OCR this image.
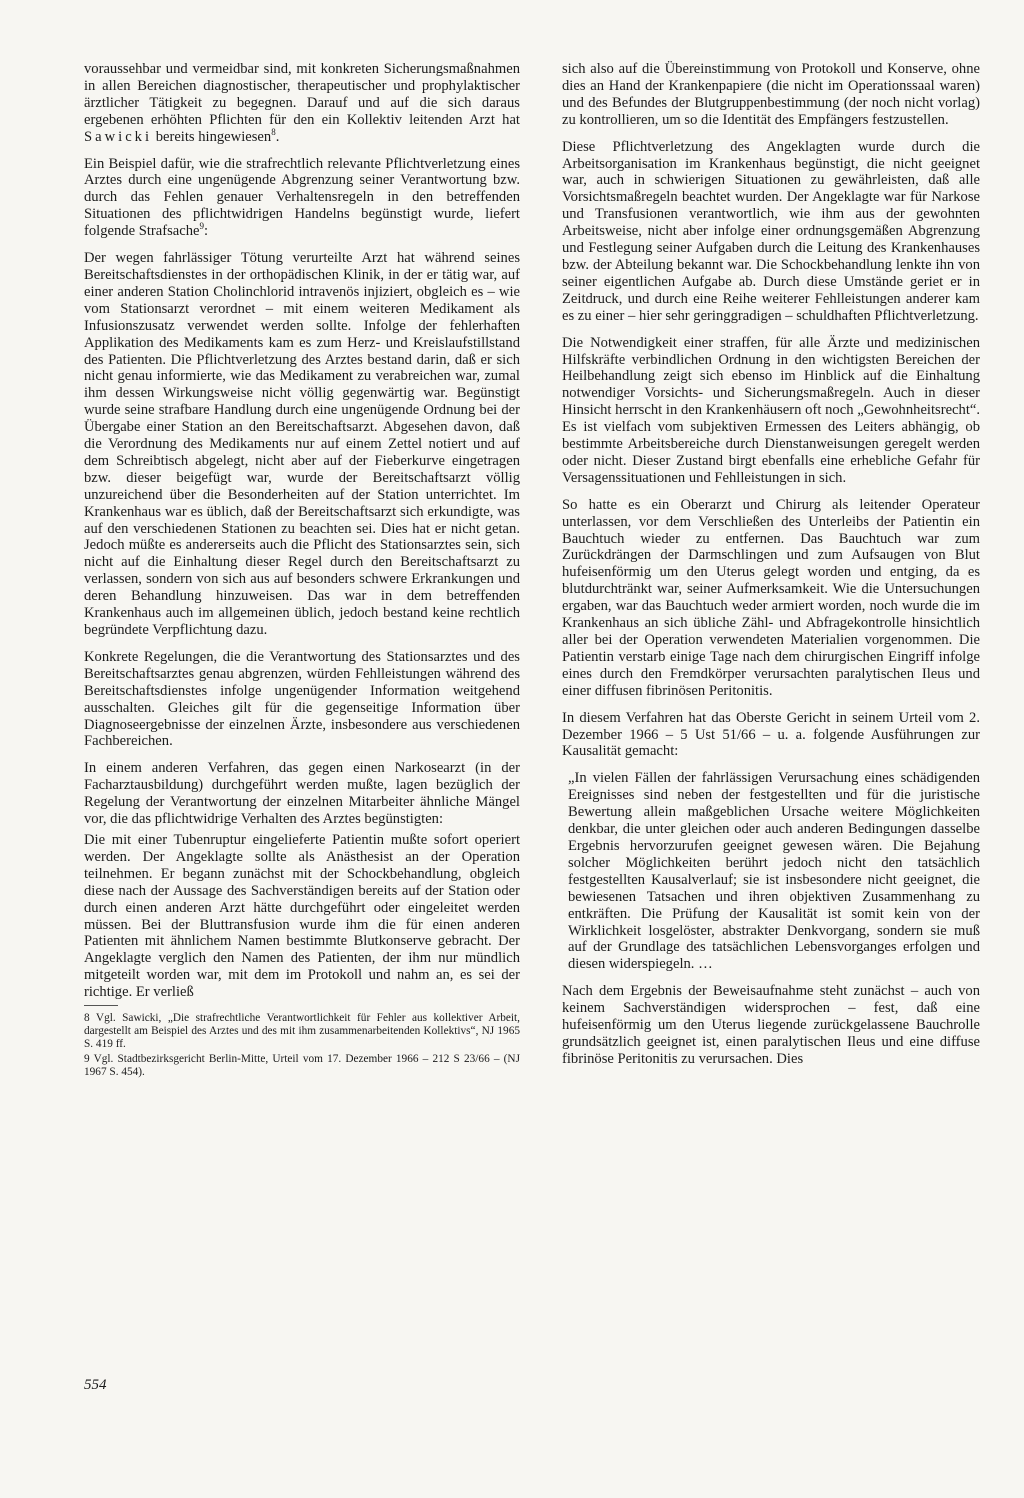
voraussehbar und vermeidbar sind, mit konkreten Sicherungsmaßnahmen in allen Bereichen diagnostischer, therapeutischer und prophylaktischer ärztlicher Tätigkeit zu begegnen. Darauf und auf die sich daraus ergebenen erhöhten Pflichten für den ein Kollektiv leitenden Arzt hat Sawicki bereits hingewiesen$^8$.

Ein Beispiel dafür, wie die strafrechtlich relevante Pflichtverletzung eines Arztes durch eine ungenügende Abgrenzung seiner Verantwortung bzw. durch das Fehlen genauer Verhaltensregeln in den betreffenden Situationen des pflichtwidrigen Handelns begünstigt wurde, liefert folgende Strafsache$^9$:

Der wegen fahrlässiger Tötung verurteilte Arzt hat während seines Bereitschaftsdienstes in der orthopädischen Klinik, in der er tätig war, auf einer anderen Station Cholinchlorid intravenös injiziert, obgleich es – wie vom Stationsarzt verordnet – mit einem weiteren Medikament als Infusionszusatz verwendet werden sollte. Infolge der fehlerhaften Applikation des Medikaments kam es zum Herz- und Kreislaufstillstand des Patienten. Die Pflichtverletzung des Arztes bestand darin, daß er sich nicht genau informierte, wie das Medikament zu verabreichen war, zumal ihm dessen Wirkungsweise nicht völlig gegenwärtig war. Begünstigt wurde seine strafbare Handlung durch eine ungenügende Ordnung bei der Übergabe einer Station an den Bereitschaftsarzt. Abgesehen davon, daß die Verordnung des Medikaments nur auf einem Zettel notiert und auf dem Schreibtisch abgelegt, nicht aber auf der Fieberkurve eingetragen bzw. dieser beigefügt war, wurde der Bereitschaftsarzt völlig unzureichend über die Besonderheiten auf der Station unterrichtet. Im Krankenhaus war es üblich, daß der Bereitschaftsarzt sich erkundigte, was auf den verschiedenen Stationen zu beachten sei. Dies hat er nicht getan. Jedoch müßte es andererseits auch die Pflicht des Stationsarztes sein, sich nicht auf die Einhaltung dieser Regel durch den Bereitschaftsarzt zu verlassen, sondern von sich aus auf besonders schwere Erkrankungen und deren Behandlung hinzuweisen. Das war in dem betreffenden Krankenhaus auch im allgemeinen üblich, jedoch bestand keine rechtlich begründete Verpflichtung dazu.

Konkrete Regelungen, die die Verantwortung des Stationsarztes und des Bereitschaftsarztes genau abgrenzen, würden Fehlleistungen während des Bereitschaftsdienstes infolge ungenügender Information weitgehend ausschalten. Gleiches gilt für die gegenseitige Information über Diagnoseergebnisse der einzelnen Ärzte, insbesondere aus verschiedenen Fachbereichen.

In einem anderen Verfahren, das gegen einen Narkosearzt (in der Facharztausbildung) durchgeführt werden mußte, lagen bezüglich der Regelung der Verantwortung der einzelnen Mitarbeiter ähnliche Mängel vor, die das pflichtwidrige Verhalten des Arztes begünstigten:

Die mit einer Tubenruptur eingelieferte Patientin mußte sofort operiert werden. Der Angeklagte sollte als Anästhesist an der Operation teilnehmen. Er begann zunächst mit der Schockbehandlung, obgleich diese nach der Aussage des Sachverständigen bereits auf der Station oder durch einen anderen Arzt hätte durchgeführt oder eingeleitet werden müssen. Bei der Bluttransfusion wurde ihm die für einen anderen Patienten mit ähnlichem Namen bestimmte Blutkonserve gebracht. Der Angeklagte verglich den Namen des Patienten, der ihm nur mündlich mitgeteilt worden war, mit dem im Protokoll und nahm an, es sei der richtige. Er verließ

8 Vgl. Sawicki, „Die strafrechtliche Verantwortlichkeit für Fehler aus kollektiver Arbeit, dargestellt am Beispiel des Arztes und des mit ihm zusammenarbeitenden Kollektivs“, NJ 1965 S. 419 ff.

9 Vgl. Stadtbezirksgericht Berlin-Mitte, Urteil vom 17. Dezember 1966 – 212 S 23/66 – (NJ 1967 S. 454).

sich also auf die Übereinstimmung von Protokoll und Konserve, ohne dies an Hand der Krankenpapiere (die nicht im Operationssaal waren) und des Befundes der Blutgruppenbestimmung (der noch nicht vorlag) zu kontrollieren, um so die Identität des Empfängers festzustellen.

Diese Pflichtverletzung des Angeklagten wurde durch die Arbeitsorganisation im Krankenhaus begünstigt, die nicht geeignet war, auch in schwierigen Situationen zu gewährleisten, daß alle Vorsichtsmaßregeln beachtet wurden. Der Angeklagte war für Narkose und Transfusionen verantwortlich, wie ihm aus der gewohnten Arbeitsweise, nicht aber infolge einer ordnungsgemäßen Abgrenzung und Festlegung seiner Aufgaben durch die Leitung des Krankenhauses bzw. der Abteilung bekannt war. Die Schockbehandlung lenkte ihn von seiner eigentlichen Aufgabe ab. Durch diese Umstände geriet er in Zeitdruck, und durch eine Reihe weiterer Fehlleistungen anderer kam es zu einer – hier sehr geringgradigen – schuldhaften Pflichtverletzung.

Die Notwendigkeit einer straffen, für alle Ärzte und medizinischen Hilfskräfte verbindlichen Ordnung in den wichtigsten Bereichen der Heilbehandlung zeigt sich ebenso im Hinblick auf die Einhaltung notwendiger Vorsichts- und Sicherungsmaßregeln. Auch in dieser Hinsicht herrscht in den Krankenhäusern oft noch „Gewohnheitsrecht“. Es ist vielfach vom subjektiven Ermessen des Leiters abhängig, ob bestimmte Arbeitsbereiche durch Dienstanweisungen geregelt werden oder nicht. Dieser Zustand birgt ebenfalls eine erhebliche Gefahr für Versagenssituationen und Fehlleistungen in sich.

So hatte es ein Oberarzt und Chirurg als leitender Operateur unterlassen, vor dem Verschließen des Unterleibs der Patientin ein Bauchtuch wieder zu entfernen. Das Bauchtuch war zum Zurückdrängen der Darmschlingen und zum Aufsaugen von Blut hufeisenförmig um den Uterus gelegt worden und entging, da es blutdurchtränkt war, seiner Aufmerksamkeit. Wie die Untersuchungen ergaben, war das Bauchtuch weder armiert worden, noch wurde die im Krankenhaus an sich übliche Zähl- und Abfragekontrolle hinsichtlich aller bei der Operation verwendeten Materialien vorgenommen. Die Patientin verstarb einige Tage nach dem chirurgischen Eingriff infolge eines durch den Fremdkörper verursachten paralytischen Ileus und einer diffusen fibrinösen Peritonitis.

In diesem Verfahren hat das Oberste Gericht in seinem Urteil vom 2. Dezember 1966 – 5 Ust 51/66 – u. a. folgende Ausführungen zur Kausalität gemacht:

„In vielen Fällen der fahrlässigen Verursachung eines schädigenden Ereignisses sind neben der festgestellten und für die juristische Bewertung allein maßgeblichen Ursache weitere Möglichkeiten denkbar, die unter gleichen oder auch anderen Bedingungen dasselbe Ergebnis hervorzurufen geeignet gewesen wären. Die Bejahung solcher Möglichkeiten berührt jedoch nicht den tatsächlich festgestellten Kausalverlauf; sie ist insbesondere nicht geeignet, die bewiesenen Tatsachen und ihren objektiven Zusammenhang zu entkräften. Die Prüfung der Kausalität ist somit kein von der Wirklichkeit losgelöster, abstrakter Denkvorgang, sondern sie muß auf der Grundlage des tatsächlichen Lebensvorganges erfolgen und diesen widerspiegeln. …

Nach dem Ergebnis der Beweisaufnahme steht zunächst – auch von keinem Sachverständigen widersprochen – fest, daß eine hufeisenförmig um den Uterus liegende zurückgelassene Bauchrolle grundsätzlich geeignet ist, einen paralytischen Ileus und eine diffuse fibrinöse Peritonitis zu verursachen. Dies

554
